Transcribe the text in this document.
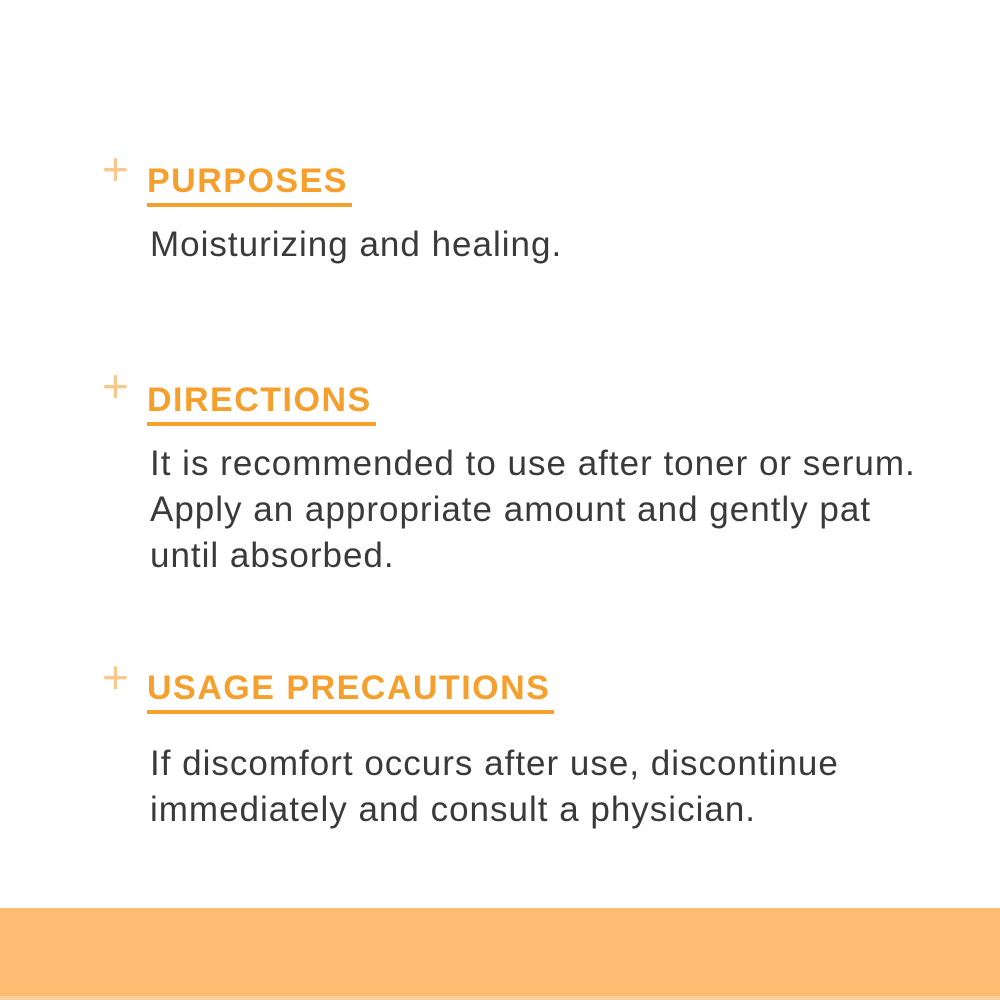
+ PURPOSES
Moisturizing and healing.
+ DIRECTIONS
It is recommended to use after toner or serum.
Apply an appropriate amount and gently pat
until absorbed.
+ USAGE PRECAUTIONS
If discomfort occurs after use, discontinue
immediately and consult a physician.
